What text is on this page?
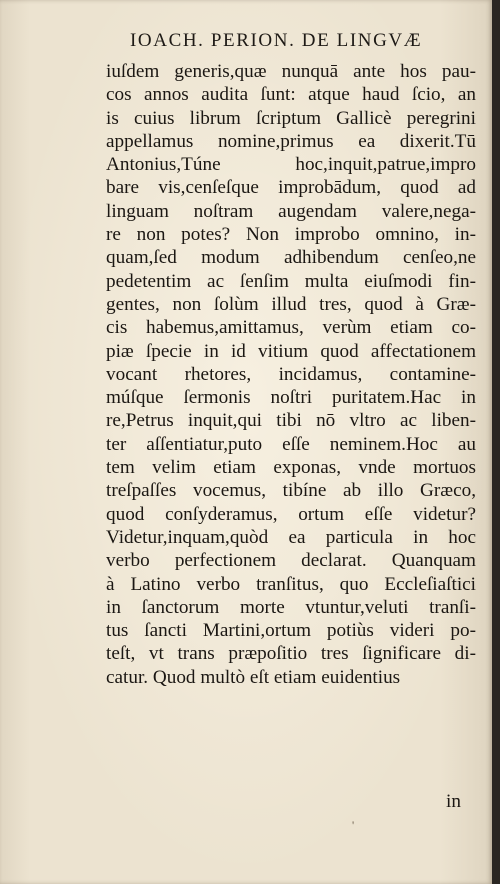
IOACH. PERION. DE LINGVÆ
iuſdem generis,quæ nunquā ante hos pau-
cos annos audita ſunt: atque haud ſcio, an
is cuius librum ſcriptum Gallicè peregrini
appellamus nomine,primus ea dixerit.Tū
Antonius,Túne hoc,inquit,patrue,impro
bare vis,cenſeſque improbādum, quod ad
linguam noſtram augendam valere,nega-
re non potes? Non improbo omnino, in-
quam,ſed modum adhibendum cenſeo,ne
pedetentim ac ſenſim multa eiuſmodi fin-
gentes, non ſolùm illud tres, quod à Græ-
cis habemus,amittamus, verùm etiam co-
piæ ſpecie in id vitium quod affectationem
vocant rhetores, incidamus, contamine-
múſque ſermonis noſtri puritatem.Hac in
re,Petrus inquit,qui tibi nō vltro ac liben-
ter aſſentiatur,puto eſſe neminem.Hoc au
tem velim etiam exponas, vnde mortuos
treſpaſſes vocemus, tibíne ab illo Græco,
quod conſyderamus, ortum eſſe videtur?
Videtur,inquam,quòd ea particula in hoc
verbo perfectionem declarat. Quanquam
à Latino verbo tranſitus, quo Eccleſiaſtici
in ſanctorum morte vtuntur,veluti tranſi-
tus ſancti Martini,ortum potiùs videri po-
teſt, vt trans præpoſitio tres ſignificare di-
catur. Quod multò eſt etiam euidentius
in
'
